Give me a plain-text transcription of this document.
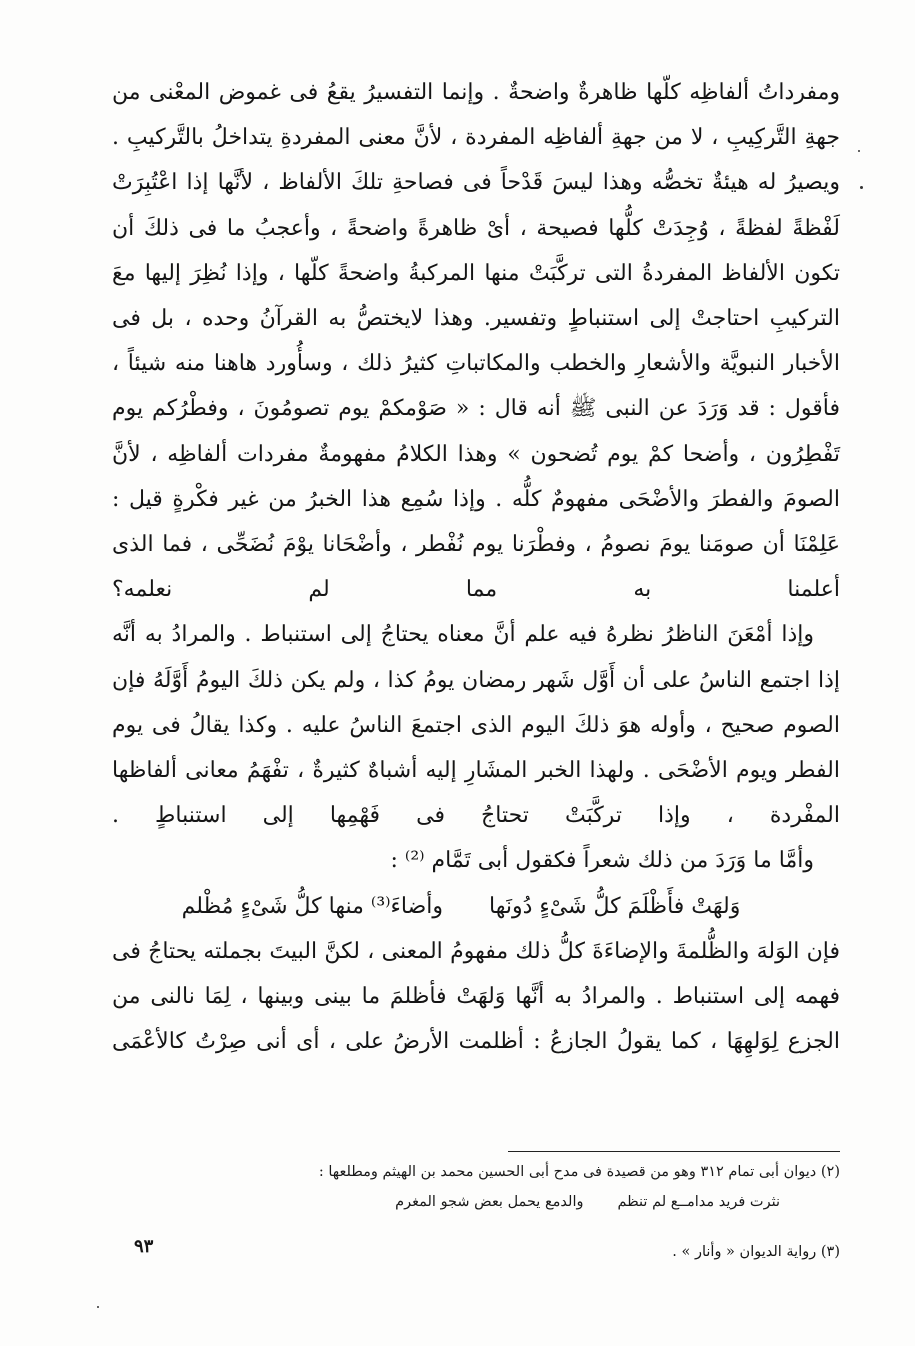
ومفرداتُ ألفاظِه كلّها ظاهرةٌ واضحةٌ . وإنما التفسيرُ يقعُ فى غموض المعْنى من جهةِ التَّركِيبِ ، لا من جهةِ ألفاظِه المفردة ، لأنَّ معنى المفردةِ يتداخلُ بالتَّركيبِ . ويصيرُ له هيئةٌ تخصُّه وهذا ليسَ قَدْحاً فى فصاحةِ تلكَ الألفاظ ، لأنَّها إذا اعْتُبِرَتْ لَفْظةً لفظةً ، وُجِدَتْ كلُّها فصيحة ، أىْ ظاهرةً واضحةً ، وأعجبُ ما فى ذلكَ أن تكون الألفاظ المفردةُ التى تركَّبَتْ منها المركبةُ واضحةً كلّها ، وإذا نُظِرَ إليها معَ التركيبِ احتاجتْ إلى استنباطٍ وتفسير. وهذا لايختصُّ به القرآنُ وحده ، بل فى الأخبار النبويَّة والأشعارِ والخطب والمكاتباتِ كثيرُ ذلك ، وسأُورد هاهنا منه شيئاً ،

فأقول : قد وَرَدَ عن النبى ﷺ أنه قال : « صَوْمكمْ يوم تصومُونَ ، وفطْرُكم يوم تَفْطِرُون ، وأضحا كمْ يوم تُضحون » وهذا الكلامُ مفهومةٌ مفردات ألفاظِه ، لأنَّ الصومَ والفطرَ والأضْحَى مفهومٌ كلُّه . وإذا سُمِع هذا الخبرُ من غير فكْرةٍ قيل : عَلِمْنَا أن صومَنا يومَ نصومُ ، وفطْرَنا يوم نُفْطر ، وأضْحَانا يوْمَ نُضَحِّى ، فما الذى أعلمنا به مما لم نعلمه؟

وإذا أمْعَنَ الناظرُ نظرهُ فيه علم أنَّ معناه يحتاجُ إلى استنباط . والمرادُ به أنَّه إذا اجتمع الناسُ على أن أَوَّل شَهر رمضان يومُ كذا ، ولم يكن ذلكَ اليومُ أَوَّلَهُ فإن الصوم صحيح ، وأوله هوَ ذلكَ اليوم الذى اجتمعَ الناسُ عليه . وكذا يقالُ فى يوم الفطر ويوم الأضْحَى . ولهذا الخبر المشَارِ إليه أشباهٌ كثيرةٌ ، تفْهَمُ معانى ألفاظها المفْردة ، وإذا تركَّبَتْ تحتاجُ فى فَهْمِها إلى استنباطٍ .

وأمَّا ما وَرَدَ من ذلك شعراً فكقول أبى تَمَّام ⁽²⁾ :

وَلهَتْ فأَظْلَمَ كلُّ شَىْءٍ دُونَها
وأضاءَ⁽³⁾ منها كلُّ شَىْءٍ مُظْلم

فإن الوَلهَ والظُّلمةَ والإضاءَةَ كلُّ ذلك مفهومُ المعنى ، لكنَّ البيتَ بجملته يحتاجُ فى فهمه إلى استنباط . والمرادُ به أنَّها وَلهَتْ فأظلمَ ما بينى وبينها ، لِمَا نالنى من الجزع لِوَلهِهَا ، كما يقولُ الجازعُ : أظلمت الأرضُ على ، أى أنى صِرْتُ كالأعْمَى

(٢) ديوان أبى تمام ٣١٢ وهو من قصيدة فى مدح أبى الحسين محمد بن الهيثم ومطلعها :

نثرت فريد مدامــع لم تنظم
والدمع يحمل بعض شجو المغرم

(٣) رواية الديوان « وأنار » .

٩٣
